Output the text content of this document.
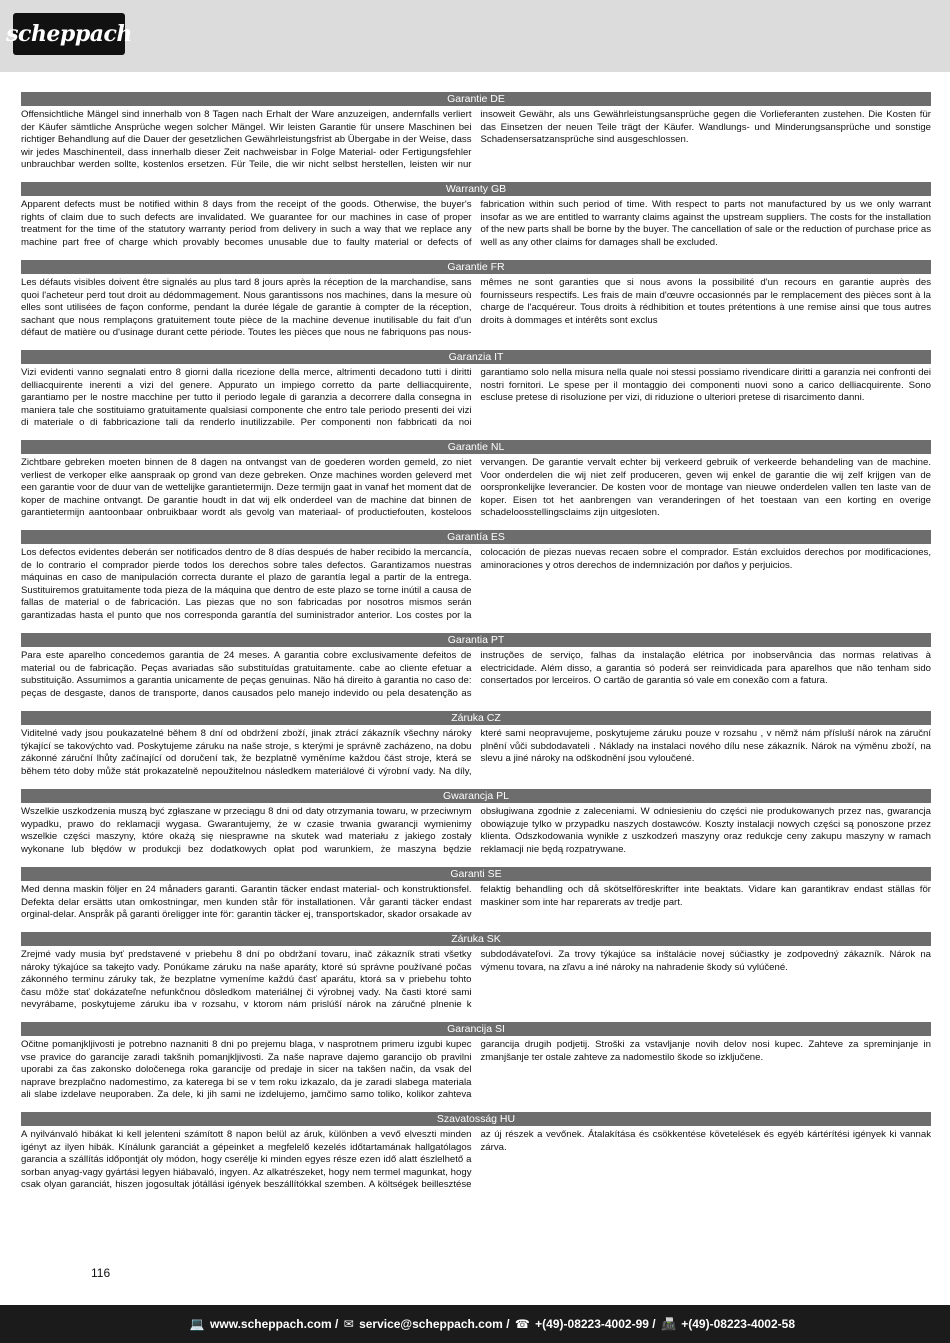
scheppach
Garantie DE
Offensichtliche Mängel sind innerhalb von 8 Tagen nach Erhalt der Ware anzuzeigen, andernfalls verliert der Käufer sämtliche Ansprüche wegen solcher Mängel. Wir leisten Garantie für unsere Maschinen bei richtiger Behandlung auf die Dauer der gesetzlichen Gewährleistungsfrist ab Übergabe in der Weise, dass wir jedes Maschinenteil, dass innerhalb dieser Zeit nachweisbar in Folge Material- oder Fertigungsfehler unbrauchbar werden sollte, kostenlos ersetzen. Für Teile, die wir nicht selbst herstellen, leisten wir nur insoweit Gewähr, als uns Gewährleistungsansprüche gegen die Vorlieferanten zustehen. Die Kosten für das Einsetzen der neuen Teile trägt der Käufer. Wandlungs- und Minderungsansprüche und sonstige Schadensersatzansprüche sind ausgeschlossen.
Warranty GB
Apparent defects must be notified within 8 days from the receipt of the goods. Otherwise, the buyer's rights of claim due to such defects are invalidated. We guarantee for our machines in case of proper treatment for the time of the statutory warranty period from delivery in such a way that we replace any machine part free of charge which provably becomes unusable due to faulty material or defects of fabrication within such period of time. With respect to parts not manufactured by us we only warrant insofar as we are entitled to warranty claims against the upstream suppliers. The costs for the installation of the new parts shall be borne by the buyer. The cancellation of sale or the reduction of purchase price as well as any other claims for damages shall be excluded.
Garantie FR
Les défauts visibles doivent être signalés au plus tard 8 jours après la réception de la marchandise, sans quoi l'acheteur perd tout droit au dédommagement. Nous garantissons nos machines, dans la mesure où elles sont utilisées de façon conforme, pendant la durée légale de garantie à compter de la réception, sachant que nous remplaçons gratuitement toute pièce de la machine devenue inutilisable du fait d'un défaut de matière ou d'usinage durant cette période. Toutes les pièces que nous ne fabriquons pas nous-mêmes ne sont garanties que si nous avons la possibilité d'un recours en garantie auprès des fournisseurs respectifs. Les frais de main d'œuvre occasionnés par le remplacement des pièces sont à la charge de l'acquéreur. Tous droits à rédhibition et toutes prétentions à une remise ainsi que tous autres droits à dommages et intérêts sont exclus
Garanzia IT
Vizi evidenti vanno segnalati entro 8 giorni dalla ricezione della merce, altrimenti decadono tutti i diritti delliacquirente inerenti a vizi del genere. Appurato un impiego corretto da parte delliacquirente, garantiamo per le nostre macchine per tutto il periodo legale di garanzia a decorrere dalla consegna in maniera tale che sostituiamo gratuitamente qualsiasi componente che entro tale periodo presenti dei vizi di materiale o di fabbricazione tali da renderlo inutilizzabile. Per componenti non fabbricati da noi garantiamo solo nella misura nella quale noi stessi possiamo rivendicare diritti a garanzia nei confronti dei nostri fornitori. Le spese per il montaggio dei componenti nuovi sono a carico delliacquirente. Sono escluse pretese di risoluzione per vizi, di riduzione o ulteriori pretese di risarcimento danni.
Garantie NL
Zichtbare gebreken moeten binnen de 8 dagen na ontvangst van de goederen worden gemeld, zo niet verliest de verkoper elke aanspraak op grond van deze gebreken. Onze machines worden geleverd met een garantie voor de duur van de wettelijke garantietermijn. Deze termijn gaat in vanaf het moment dat de koper de machine ontvangt. De garantie houdt in dat wij elk onderdeel van de machine dat binnen de garantietermijn aantoonbaar onbruikbaar wordt als gevolg van materiaal- of productiefouten, kosteloos vervangen. De garantie vervalt echter bij verkeerd gebruik of verkeerde behandeling van de machine. Voor onderdelen die wij niet zelf produceren, geven wij enkel de garantie die wij zelf krijgen van de oorspronkelijke leverancier. De kosten voor de montage van nieuwe onderdelen vallen ten laste van de koper. Eisen tot het aanbrengen van veranderingen of het toestaan van een korting en overige schadeloosstellingsclaims zijn uitgesloten.
Garantía ES
Los defectos evidentes deberán ser notificados dentro de 8 días después de haber recibido la mercancía, de lo contrario el comprador pierde todos los derechos sobre tales defectos. Garantizamos nuestras máquinas en caso de manipulación correcta durante el plazo de garantía legal a partir de la entrega. Sustituiremos gratuitamente toda pieza de la máquina que dentro de este plazo se torne inútil a causa de fallas de material o de fabricación. Las piezas que no son fabricadas por nosotros mismos serán garantizadas hasta el punto que nos corresponda garantía del suministrador anterior. Los costes por la colocación de piezas nuevas recaen sobre el comprador. Están excluidos derechos por modificaciones, aminoraciones y otros derechos de indemnización por daños y perjuicios.
Garantia PT
Para este aparelho concedemos garantia de 24 meses. A garantia cobre exclusivamente defeitos de material ou de fabricação. Peças avariadas são substituídas gratuitamente. cabe ao cliente efetuar a substituição. Assumimos a garantia unicamente de peças genuinas. Não há direito à garantia no caso de: peças de desgaste, danos de transporte, danos causados pelo manejo indevido ou pela desatenção as instruções de serviço, falhas da instalação elétrica por inobservância das normas relativas à electricidade. Além disso, a garantia só poderá ser reinvidicada para aparelhos que não tenham sido consertados por lerceiros. O cartão de garantia só vale em conexão com a fatura.
Záruka CZ
Viditelné vady jsou poukazatelné během 8 dní od obdržení zboží, jinak ztrácí zákazník všechny nároky týkající se takovýchto vad. Poskytujeme záruku na naše stroje, s kterými je správně zacházeno, na dobu zákonné záruční lhůty začínající od doručení tak, že bezplatně vyměníme každou část stroje, která se během této doby může stát prokazatelně nepoužitelnou následkem materiálové či výrobní vady. Na díly, které sami neopravujeme, poskytujeme záruku pouze v rozsahu , v němž nám přísluší nárok na záruční plnění vůči subdodavateli . Náklady na instalaci nového dílu nese zákazník. Nárok na výměnu zboží, na slevu a jiné nároky na odškodnění jsou vyloučené.
Gwarancja PL
Wszelkie uszkodzenia muszą być zgłaszane w przeciągu 8 dni od daty otrzymania towaru, w przeciwnym wypadku, prawo do reklamacji wygasa. Gwarantujemy, że w czasie trwania gwarancji wymienimy wszelkie części maszyny, które okażą się niesprawne na skutek wad materiału z jakiego zostały wykonane lub błędów w produkcji bez dodatkowych opłat pod warunkiem, że maszyna będzie obsługiwana zgodnie z zaleceniami. W odniesieniu do części nie produkowanych przez nas, gwarancja obowiązuje tylko w przypadku naszych dostawców. Koszty instalacji nowych części są ponoszone przez klienta. Odszkodowania wynikłe z uszkodzeń maszyny oraz redukcje ceny zakupu maszyny w ramach reklamacji nie będą rozpatrywane.
Garanti SE
Med denna maskin följer en 24 månaders garanti. Garantin täcker endast material- och konstruktionsfel. Defekta delar ersätts utan omkostningar, men kunden står för installationen. Vår garanti täcker endast orginal-delar. Anspråk på garanti öreligger inte för: garantin täcker ej, transportskador, skador orsakade av felaktig behandling och då skötselföreskrifter inte beaktats. Vidare kan garantikrav endast ställas för maskiner som inte har reparerats av tredje part.
Záruka SK
Zrejmé vady musia byť predstavené v priebehu 8 dní po obdržaní tovaru, inač zákazník strati všetky nároky týkajúce sa takejto vady. Ponúkame záruku na naše aparáty, ktoré sú správne používané počas zákonného terminu záruky tak, že bezplatne vymeníme každú časť aparátu, ktorá sa v priebehu tohto času môže stať dokázateľne nefunkčnou dôsledkom materiálnej či výrobnej vady. Na časti ktoré sami nevyrábame, poskytujeme záruku iba v rozsahu, v ktorom nám prislúší nárok na záručné plnenie k subdodávateľovi. Za trovy týkajúce sa inštalácie novej súčiastky je zodpovedný zákazník. Nárok na výmenu tovara, na zľavu a iné nároky na nahradenie škody sú vylúčené.
Garancija SI
Očitne pomanjkljivosti je potrebno naznaniti 8 dni po prejemu blaga, v nasprotnem primeru izgubi kupec vse pravice do garancije zaradi takšnih pomanjkljivosti. Za naše naprave dajemo garancijo ob pravilni uporabi za čas zakonsko določenega roka garancije od predaje in sicer na takšen način, da vsak del naprave brezplačno nadomestimo, za katerega bi se v tem roku izkazalo, da je zaradi slabega materiala ali slabe izdelave neuporaben. Za dele, ki jih sami ne izdelujemo, jamčimo samo toliko, kolikor zahteva garancija drugih podjetij. Stroški za vstavljanje novih delov nosi kupec. Zahteve za spreminjanje in zmanjšanje ter ostale zahteve za nadomestilo škode so izključene.
Szavatosság HU
A nyilvánvaló hibákat ki kell jelenteni számított 8 napon belül az áruk, különben a vevő elveszti minden igényt az ilyen hibák. Kínálunk garanciát a gépeinket a megfelelő kezelés időtartamának hallgatólagos garancia a szállítás időpontját oly módon, hogy cserélje ki minden egyes része ezen idő alatt észlelhető a sorban anyag-vagy gyártási legyen hiábavaló, ingyen. Az alkatrészeket, hogy nem termel magunkat, hogy csak olyan garanciát, hiszen jogosultak jótállási igények beszállítókkal szemben. A költségek beillesztése az új részek a vevőnek. Átalakítása és csökkentése követelések és egyéb kártérítési igények ki vannak zárva.
116
💻 www.scheppach.com / ✉ service@scheppach.com / ☎ +(49)-08223-4002-99 / 📠 +(49)-08223-4002-58
